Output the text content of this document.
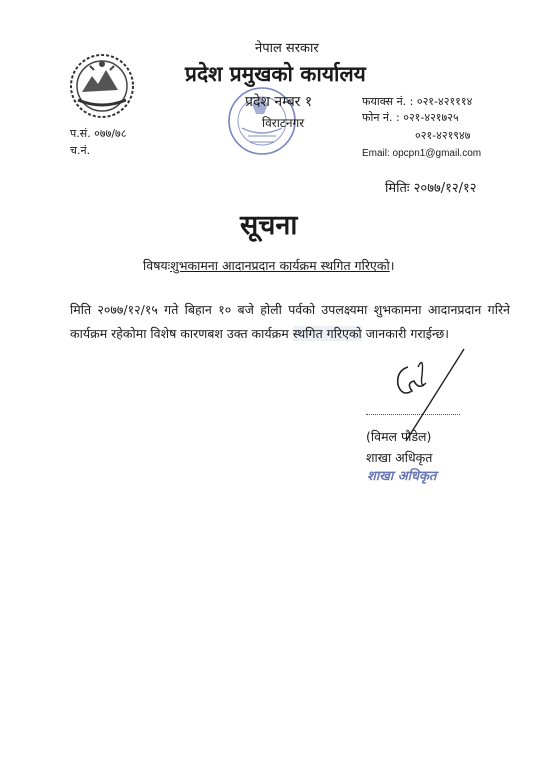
नेपाल सरकार
प्रदेश प्रमुखको कार्यालय
प्रदेश नम्बर १
विराटनगर
फयाक्स नं. : ०२१-४२१११४
फोन नं. : ०२१-४२१७२५
०२१-४२१९४७
Email: opcpn1@gmail.com
प.सं. ०७७/७८
च.नं.
मितिः २०७७/१२/१२
सूचना
विषयःशुभकामना आदानप्रदान कार्यक्रम स्थगित गरिएको।
मिति २०७७/१२/१५ गते बिहान १० बजे होली पर्वको उपलक्ष्यमा शुभकामना आदानप्रदान गरिने कार्यक्रम रहेकोमा विशेष कारणबश उक्त कार्यक्रम स्थगित गरिएको जानकारी गराईन्छ।
(विमल पौडेल)
शाखा अधिकृत
शाखा अधिकृत
